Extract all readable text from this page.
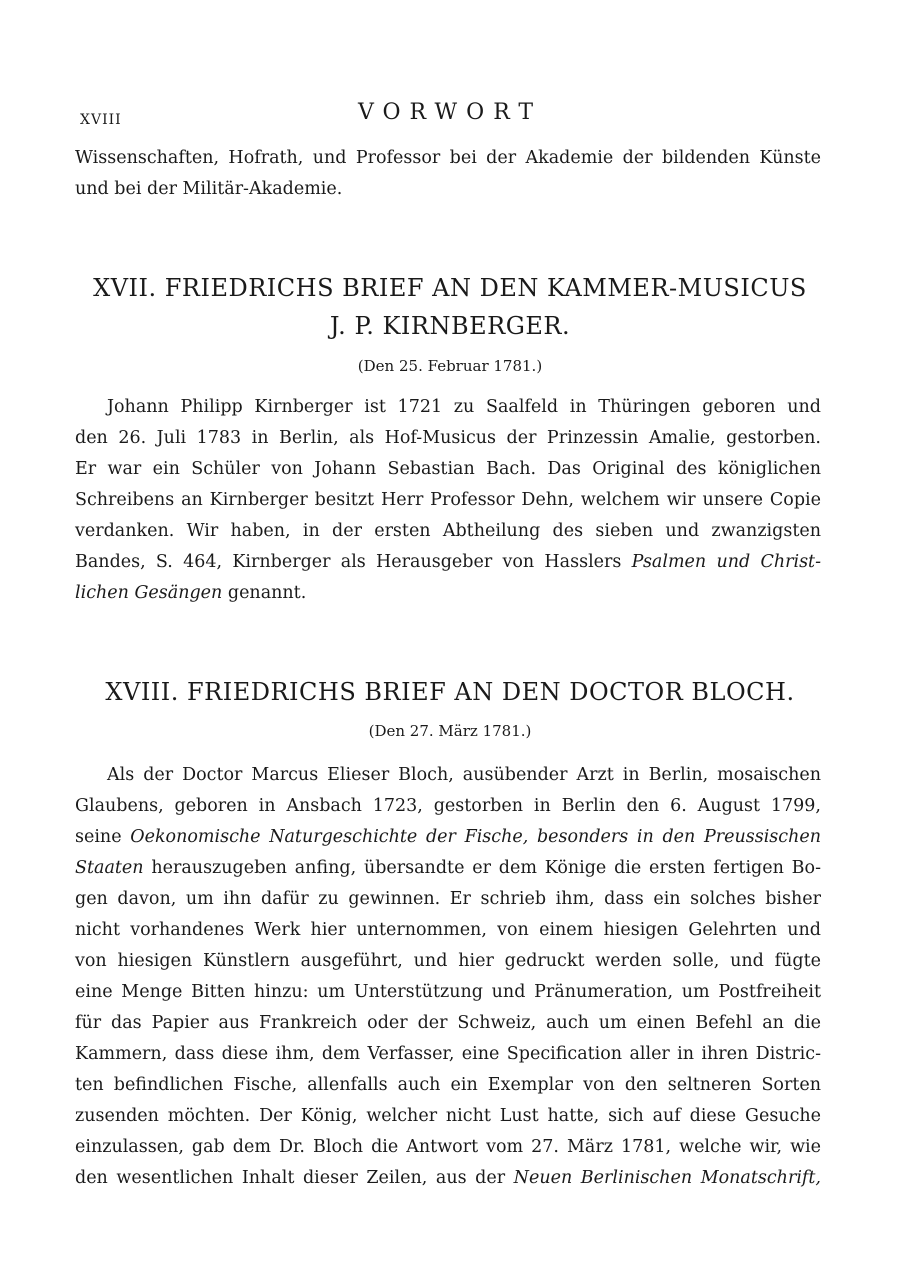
XVIII	VORWORT
Wissenschaften, Hofrath, und Professor bei der Akademie der bildenden Künste
und bei der Militär-Akademie.
XVII. FRIEDRICHS BRIEF AN DEN KAMMER-MUSICUS
J. P. KIRNBERGER.
(Den 25. Februar 1781.)
Johann Philipp Kirnberger ist 1721 zu Saalfeld in Thüringen geboren und
den 26. Juli 1783 in Berlin, als Hof-Musicus der Prinzessin Amalie, gestorben.
Er war ein Schüler von Johann Sebastian Bach. Das Original des königlichen
Schreibens an Kirnberger besitzt Herr Professor Dehn, welchem wir unsere Copie
verdanken. Wir haben, in der ersten Abtheilung des sieben und zwanzigsten
Bandes, S. 464, Kirnberger als Herausgeber von Hasslers Psalmen und Christ-
lichen Gesängen genannt.
XVIII. FRIEDRICHS BRIEF AN DEN DOCTOR BLOCH.
(Den 27. März 1781.)
Als der Doctor Marcus Elieser Bloch, ausübender Arzt in Berlin, mosaischen
Glaubens, geboren in Ansbach 1723, gestorben in Berlin den 6. August 1799,
seine Oekonomische Naturgeschichte der Fische, besonders in den Preussischen
Staaten herauszugeben anfing, übersandte er dem Könige die ersten fertigen Bo-
gen davon, um ihn dafür zu gewinnen. Er schrieb ihm, dass ein solches bisher
nicht vorhandenes Werk hier unternommen, von einem hiesigen Gelehrten und
von hiesigen Künstlern ausgeführt, und hier gedruckt werden solle, und fügte
eine Menge Bitten hinzu: um Unterstützung und Pränumeration, um Postfreiheit
für das Papier aus Frankreich oder der Schweiz, auch um einen Befehl an die
Kammern, dass diese ihm, dem Verfasser, eine Specification aller in ihren Distric-
ten befindlichen Fische, allenfalls auch ein Exemplar von den seltneren Sorten
zusenden möchten. Der König, welcher nicht Lust hatte, sich auf diese Gesuche
einzulassen, gab dem Dr. Bloch die Antwort vom 27. März 1781, welche wir, wie
den wesentlichen Inhalt dieser Zeilen, aus der Neuen Berlinischen Monatschrift,
